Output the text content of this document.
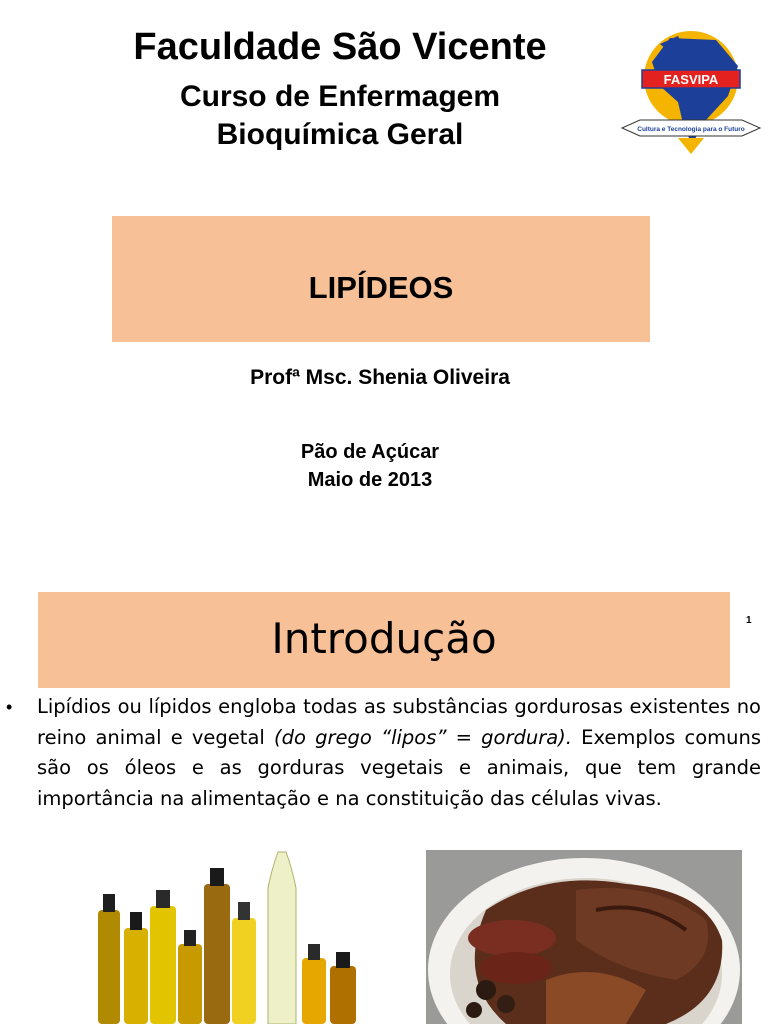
Faculdade São Vicente
Curso de Enfermagem
Bioquímica Geral
FASVIPA
Cultura e Tecnologia para o Futuro
LIPÍDEOS
Profª Msc. Shenia Oliveira
Pão de Açúcar
Maio de 2013
Introdução	1
• Lipídios ou lípidos engloba todas as substâncias gordurosas existentes no reino animal e vegetal (do grego “lipos” = gordura). Exemplos comuns são os óleos e as gorduras vegetais e animais, que tem grande importância na alimentação e na constituição das células vivas.
